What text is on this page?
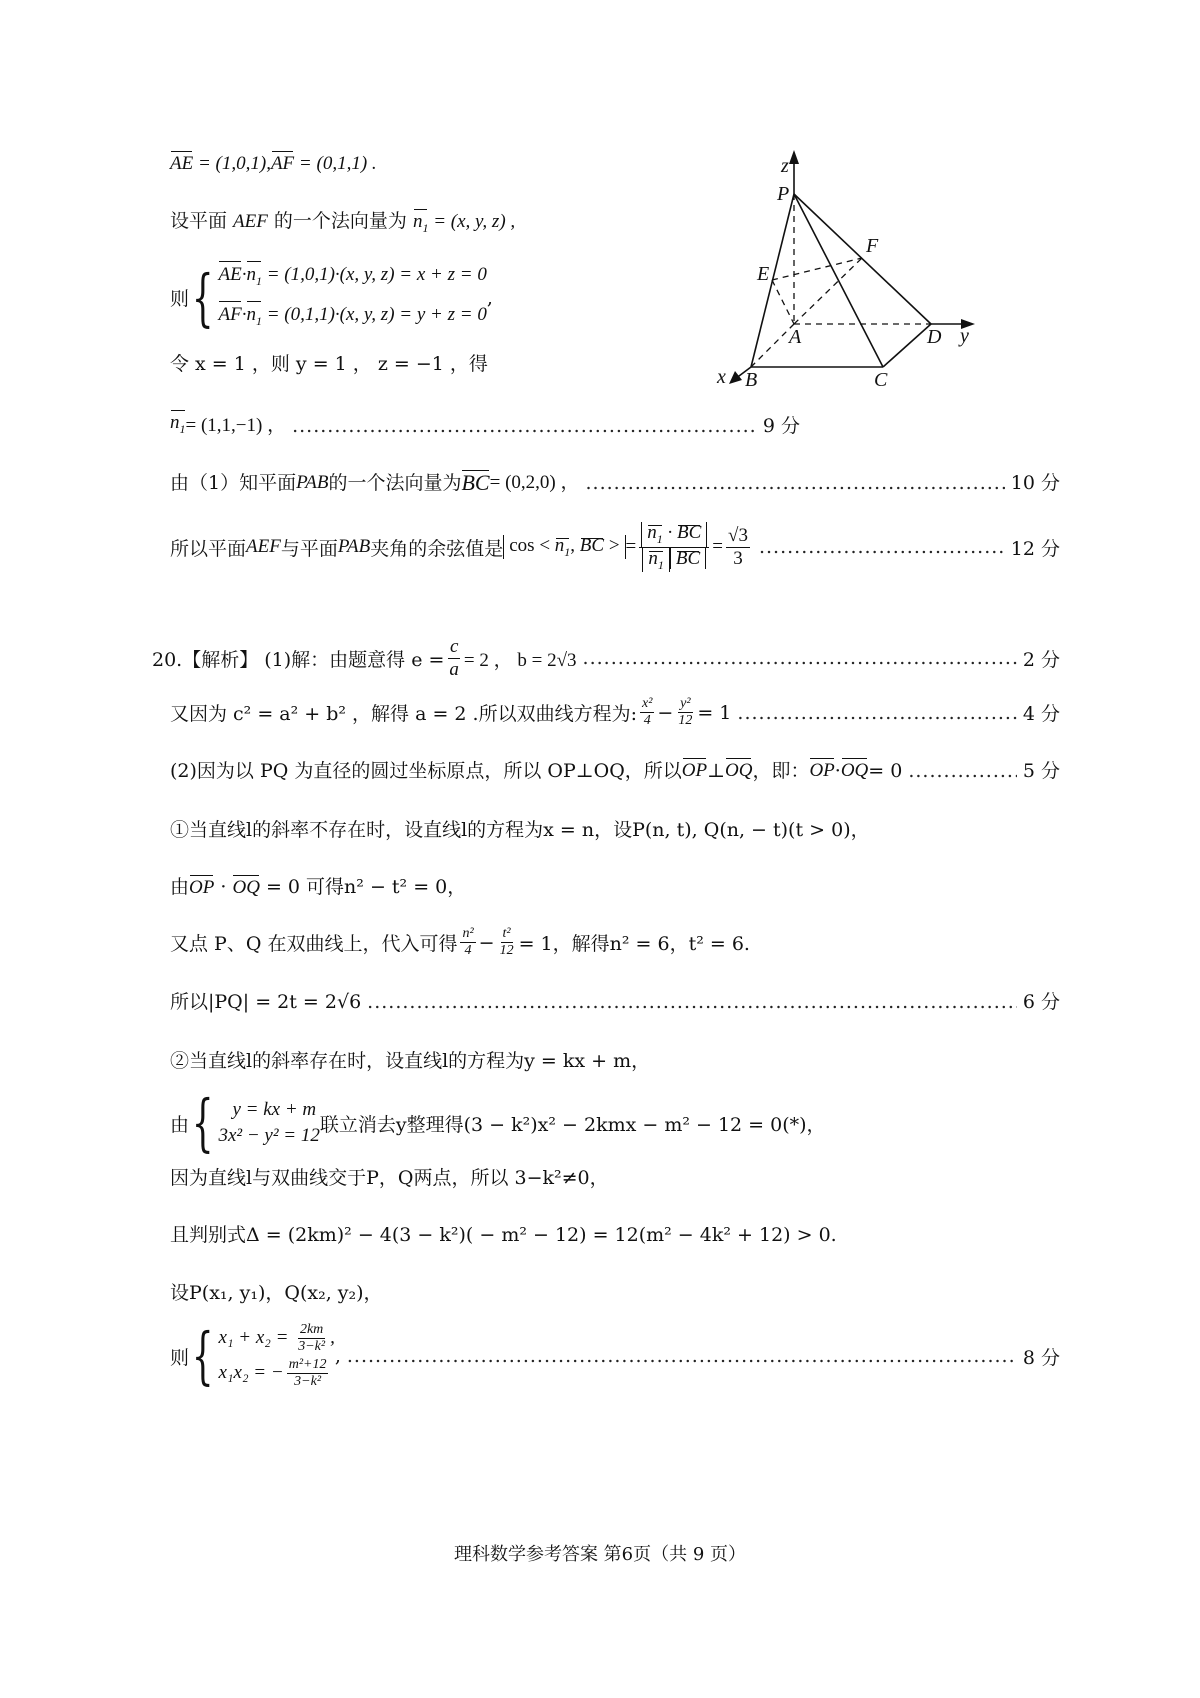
AE = (1,0,1),AF = (0,1,1) .
设平面 AEF 的一个法向量为 $n_1 = (x$, y, z) ,
则 { $AE\cdot n_1 = (1,0,1)\cdot(x$, y, z) = x + z = 0
$AF\cdot n_1 = (0,1,1)\cdot(x$, y, z) = y + z = 0
,
令 x = 1 ，则 y = 1 ， z = −1 ，得
$n_1 = (1,1,-1)$ ， .....	9 分
由（1）知平面 PAB 的一个法向量为 BC = (0,2,0) ， .....	10 分
所以平面 AEF 与平面 PAB 夹角的余弦值是 $\cos < n_1$, BC > = $\frac{n_1 \cdot BC}{n_1 BC} = \frac{√3}{3}$ .....	12 分
20.【解析】 (1)解：由题意得 $e = \frac{c}{a} = 2$ ， b = 2√3 .....	2 分
又因为 c² = a² + b² ，解得 a = 2 .所以双曲线方程为: $\frac{\text{x²}}{4} - \frac{\text{y²}}{12} = 1$ .....	4 分
(2)因为以 PQ 为直径的圆过坐标原点，所以 OP⊥OQ，所以 OP ⊥ OQ ，即： OP · OQ = 0 .....	5 分
①当直线l的斜率不存在时，设直线l的方程为x = n，设P(n, t), Q(n, − t)(t > 0)，
由OP · OQ = 0 可得n² − t² = 0，
又点 P、Q 在双曲线上，代入可得 $\frac{\text{n²}}{4} - \frac{\text{t²}}{12} = 1$，解得n² = 6，t² = 6.
所以|PQ| = 2t = 2√6 .....	6 分
②当直线l的斜率存在时，设直线l的方程为y = kx + m，
由 { y = kx + m
3x² − y² = 12 联立消去y整理得(3 − k²)x² − 2kmx − m² − 12 = 0(*)，
因为直线l与双曲线交于P，Q两点，所以 3−k²≠0，
且判别式Δ = (2km)² − 4(3 − k²)( − m² − 12) = 12(m² − 4k² + 12) > 0.
设P(x₁, y₁)，Q(x₂, y₂)，
则 { $x_1 + x_2 = \frac{2km}{\text{3−k²}}$ ,
x₁x₂ = − $\frac{\text{m²+12}}{\text{3−k²}}$
, .....	8 分
z
y
x
P
E
F
A
B	C
D
理科数学参考答案 第6页（共 9 页）
